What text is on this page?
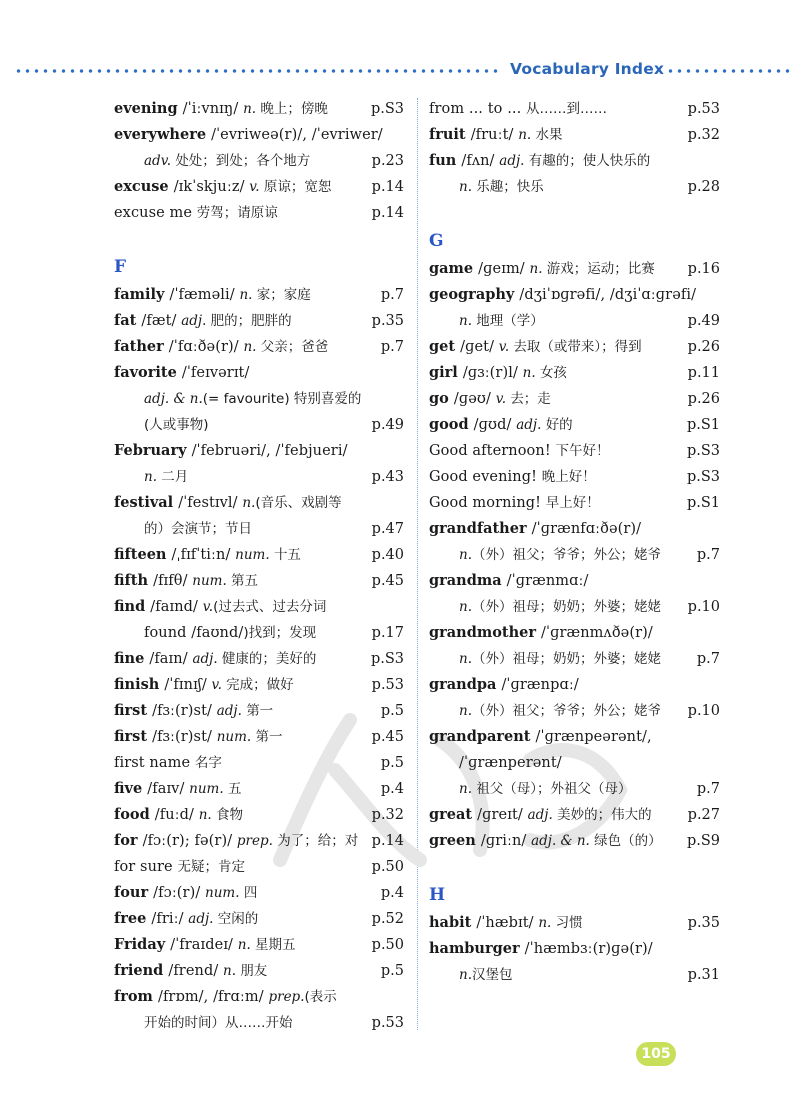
Vocabulary Index
evening /ˈiːvnɪŋ/ n. 晚上；傍晚	p.S3
everywhere /ˈevriweə(r)/, /ˈevriwer/
adv. 处处；到处；各个地方	p.23
excuse /ɪkˈskjuːz/ v. 原谅；宽恕	p.14
excuse me 劳驾；请原谅	p.14
F
family /ˈfæməli/ n. 家；家庭	p.7
fat /fæt/ adj. 肥的；肥胖的	p.35
father /ˈfɑːðə(r)/ n. 父亲；爸爸	p.7
favorite /ˈfeɪvərɪt/
adj. & n.(= favourite) 特别喜爱的
(人或事物)	p.49
February /ˈfebruəri/, /ˈfebjueri/
n. 二月	p.43
festival /ˈfestɪvl/ n.(音乐、戏剧等
的）会演节；节日	p.47
fifteen /ˌfɪfˈtiːn/ num. 十五	p.40
fifth /fɪfθ/ num. 第五	p.45
find /faɪnd/ v.(过去式、过去分词
found /faʊnd/)找到；发现	p.17
fine /faɪn/ adj. 健康的；美好的	p.S3
finish /ˈfɪnɪʃ/ v. 完成；做好	p.53
first /fɜː(r)st/ adj. 第一	p.5
first /fɜː(r)st/ num. 第一	p.45
first name 名字	p.5
five /faɪv/ num. 五	p.4
food /fuːd/ n. 食物	p.32
for /fɔː(r); fə(r)/ prep. 为了；给；对 p.14
for sure 无疑；肯定	p.50
four /fɔː(r)/ num. 四	p.4
free /friː/ adj. 空闲的	p.52
Friday /ˈfraɪdeɪ/ n. 星期五	p.50
friend /frend/ n. 朋友	p.5
from /frɒm/, /frɑːm/ prep.(表示
开始的时间）从……开始	p.53
from ... to ... 从……到……	p.53
fruit /fruːt/ n. 水果	p.32
fun /fʌn/ adj. 有趣的；使人快乐的
n. 乐趣；快乐	p.28
G
game /ɡeɪm/ n. 游戏；运动；比赛 p.16
geography /dʒiˈɒɡrəfi/, /dʒiˈɑːɡrəfi/
n. 地理（学）	p.49
get /ɡet/ v. 去取（或带来）；得到	p.26
girl /ɡɜː(r)l/ n. 女孩	p.11
go /ɡəʊ/ v. 去；走	p.26
good /ɡʊd/ adj. 好的	p.S1
Good afternoon! 下午好！	p.S3
Good evening! 晚上好！	p.S3
Good morning! 早上好！	p.S1
grandfather /ˈɡrænfɑːðə(r)/
n.（外）祖父；爷爷；外公；姥爷 p.7
grandma /ˈɡrænmɑː/
n.（外）祖母；奶奶；外婆；姥姥 p.10
grandmother /ˈɡrænmʌðə(r)/
n.（外）祖母；奶奶；外婆；姥姥 p.7
grandpa /ˈɡrænpɑː/
n.（外）祖父；爷爷；外公；姥爷 p.10
grandparent /ˈɡrænpeərənt/,
/ˈɡrænperənt/
n. 祖父（母）；外祖父（母）	p.7
great /ɡreɪt/ adj. 美妙的；伟大的 p.27
green /ɡriːn/ adj. & n. 绿色（的） p.S9
H
habit /ˈhæbɪt/ n. 习惯	p.35
hamburger /ˈhæmbɜː(r)ɡə(r)/
n.汉堡包	p.31
105
